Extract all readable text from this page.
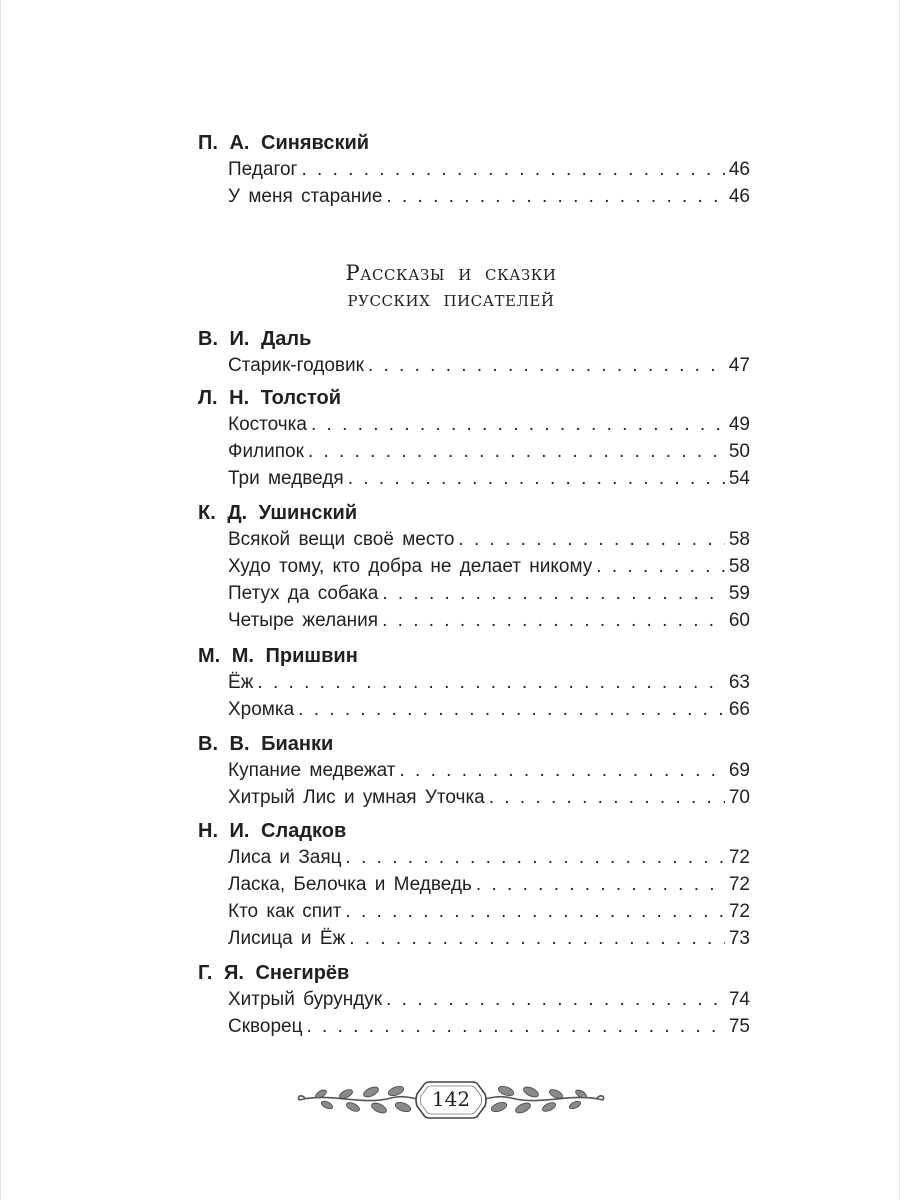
П. А. Синявский
Педагог . . .	46
У меня старание . . .	46
В. И. Даль
Старик-годовик . . .	47
Л. Н. Толстой
Косточка . . .	49
Филипок . . .	50
Три медведя . . .	54
К. Д. Ушинский
Всякой вещи своё место . . .	58
Худо тому, кто добра не делает никому . . .	58
Петух да собака . . .	59
Четыре желания . . .	60
М. М. Пришвин
Ёж . . .	63
Хромка . . .	66
В. В. Бианки
Купание медвежат . . .	69
Хитрый Лис и умная Уточка . . .	70
Н. И. Сладков
Лиса и Заяц . . .	72
Ласка, Белочка и Медведь . . .	72
Кто как спит . . .	72
Лисица и Ёж . . .	73
Г. Я. Снегирёв
Хитрый бурундук . . .	74
Скворец . . .	75
Рассказы и сказки
русских писателей
142
